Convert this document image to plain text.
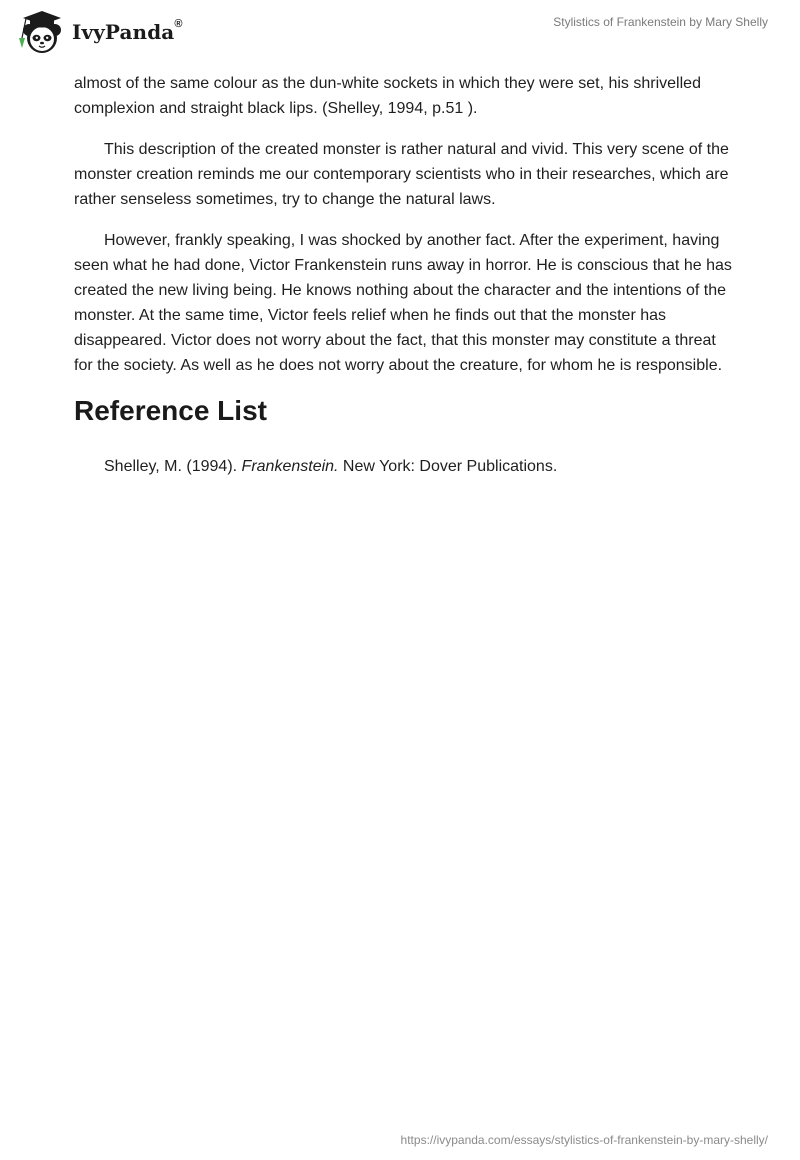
IvyPanda®	Stylistics of Frankenstein by Mary Shelly

almost of the same colour as the dun-white sockets in which they were set, his shrivelled complexion and straight black lips. (Shelley, 1994, p.51 ).

This description of the created monster is rather natural and vivid. This very scene of the monster creation reminds me our contemporary scientists who in their researches, which are rather senseless sometimes, try to change the natural laws.

However, frankly speaking, I was shocked by another fact. After the experiment, having seen what he had done, Victor Frankenstein runs away in horror. He is conscious that he has created the new living being. He knows nothing about the character and the intentions of the monster. At the same time, Victor feels relief when he finds out that the monster has disappeared. Victor does not worry about the fact, that this monster may constitute a threat for the society. As well as he does not worry about the creature, for whom he is responsible.

Reference List

Shelley, M. (1994). Frankenstein. New York: Dover Publications.

https://ivypanda.com/essays/stylistics-of-frankenstein-by-mary-shelly/
